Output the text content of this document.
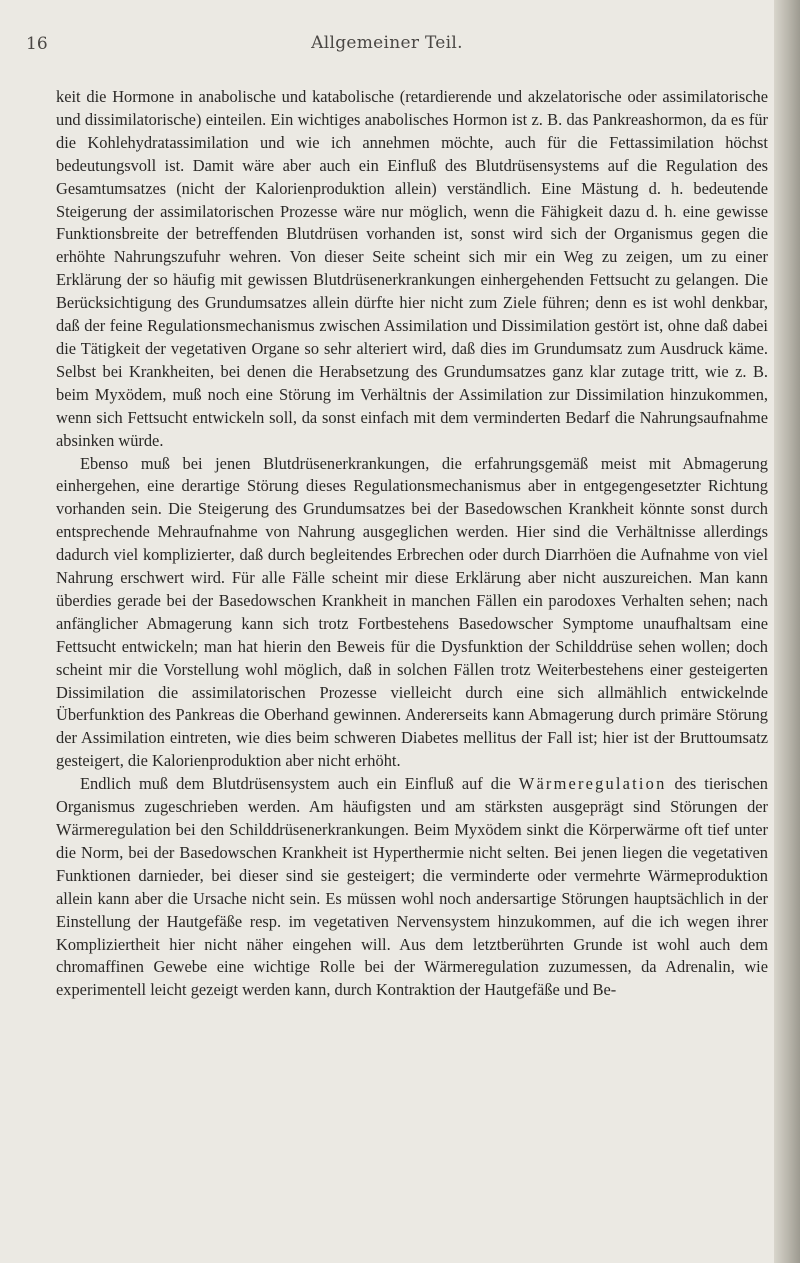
16	Allgemeiner Teil.

keit die Hormone in anabolische und katabolische (retardierende und akzelatorische oder assimilatorische und dissimilatorische) einteilen. Ein wichtiges anabolisches Hormon ist z. B. das Pankreashormon, da es für die Kohlehydratassimilation und wie ich annehmen möchte, auch für die Fettassimilation höchst bedeutungsvoll ist. Damit wäre aber auch ein Einfluß des Blutdrüsensystems auf die Regulation des Gesamtumsatzes (nicht der Kalorienproduktion allein) verständlich. Eine Mästung d. h. bedeutende Steigerung der assimilatorischen Prozesse wäre nur möglich, wenn die Fähigkeit dazu d. h. eine gewisse Funktionsbreite der betreffenden Blutdrüsen vorhanden ist, sonst wird sich der Organismus gegen die erhöhte Nahrungszufuhr wehren. Von dieser Seite scheint sich mir ein Weg zu zeigen, um zu einer Erklärung der so häufig mit gewissen Blutdrüsenerkrankungen einhergehenden Fettsucht zu gelangen. Die Berücksichtigung des Grundumsatzes allein dürfte hier nicht zum Ziele führen; denn es ist wohl denkbar, daß der feine Regulationsmechanismus zwischen Assimilation und Dissimilation gestört ist, ohne daß dabei die Tätigkeit der vegetativen Organe so sehr alteriert wird, daß dies im Grundumsatz zum Ausdruck käme. Selbst bei Krankheiten, bei denen die Herabsetzung des Grundumsatzes ganz klar zutage tritt, wie z. B. beim Myxödem, muß noch eine Störung im Verhältnis der Assimilation zur Dissimilation hinzukommen, wenn sich Fettsucht entwickeln soll, da sonst einfach mit dem verminderten Bedarf die Nahrungsaufnahme absinken würde.

Ebenso muß bei jenen Blutdrüsenerkrankungen, die erfahrungsgemäß meist mit Abmagerung einhergehen, eine derartige Störung dieses Regulationsmechanismus aber in entgegengesetzter Richtung vorhanden sein. Die Steigerung des Grundumsatzes bei der Basedowschen Krankheit könnte sonst durch entsprechende Mehraufnahme von Nahrung ausgeglichen werden. Hier sind die Verhältnisse allerdings dadurch viel komplizierter, daß durch begleitendes Erbrechen oder durch Diarrhöen die Aufnahme von viel Nahrung erschwert wird. Für alle Fälle scheint mir diese Erklärung aber nicht auszureichen. Man kann überdies gerade bei der Basedowschen Krankheit in manchen Fällen ein parodoxes Verhalten sehen; nach anfänglicher Abmagerung kann sich trotz Fortbestehens Basedowscher Symptome unaufhaltsam eine Fettsucht entwickeln; man hat hierin den Beweis für die Dysfunktion der Schilddrüse sehen wollen; doch scheint mir die Vorstellung wohl möglich, daß in solchen Fällen trotz Weiterbestehens einer gesteigerten Dissimilation die assimilatorischen Prozesse vielleicht durch eine sich allmählich entwickelnde Überfunktion des Pankreas die Oberhand gewinnen. Andererseits kann Abmagerung durch primäre Störung der Assimilation eintreten, wie dies beim schweren Diabetes mellitus der Fall ist; hier ist der Bruttoumsatz gesteigert, die Kalorienproduktion aber nicht erhöht.

Endlich muß dem Blutdrüsensystem auch ein Einfluß auf die Wärmeregulation des tierischen Organismus zugeschrieben werden. Am häufigsten und am stärksten ausgeprägt sind Störungen der Wärmeregulation bei den Schilddrüsenerkrankungen. Beim Myxödem sinkt die Körperwärme oft tief unter die Norm, bei der Basedowschen Krankheit ist Hyperthermie nicht selten. Bei jenen liegen die vegetativen Funktionen darnieder, bei dieser sind sie gesteigert; die verminderte oder vermehrte Wärmeproduktion allein kann aber die Ursache nicht sein. Es müssen wohl noch andersartige Störungen hauptsächlich in der Einstellung der Hautgefäße resp. im vegetativen Nervensystem hinzukommen, auf die ich wegen ihrer Kompliziertheit hier nicht näher eingehen will. Aus dem letztberührten Grunde ist wohl auch dem chromaffinen Gewebe eine wichtige Rolle bei der Wärmeregulation zuzumessen, da Adrenalin, wie experimentell leicht gezeigt werden kann, durch Kontraktion der Hautgefäße und Be-
